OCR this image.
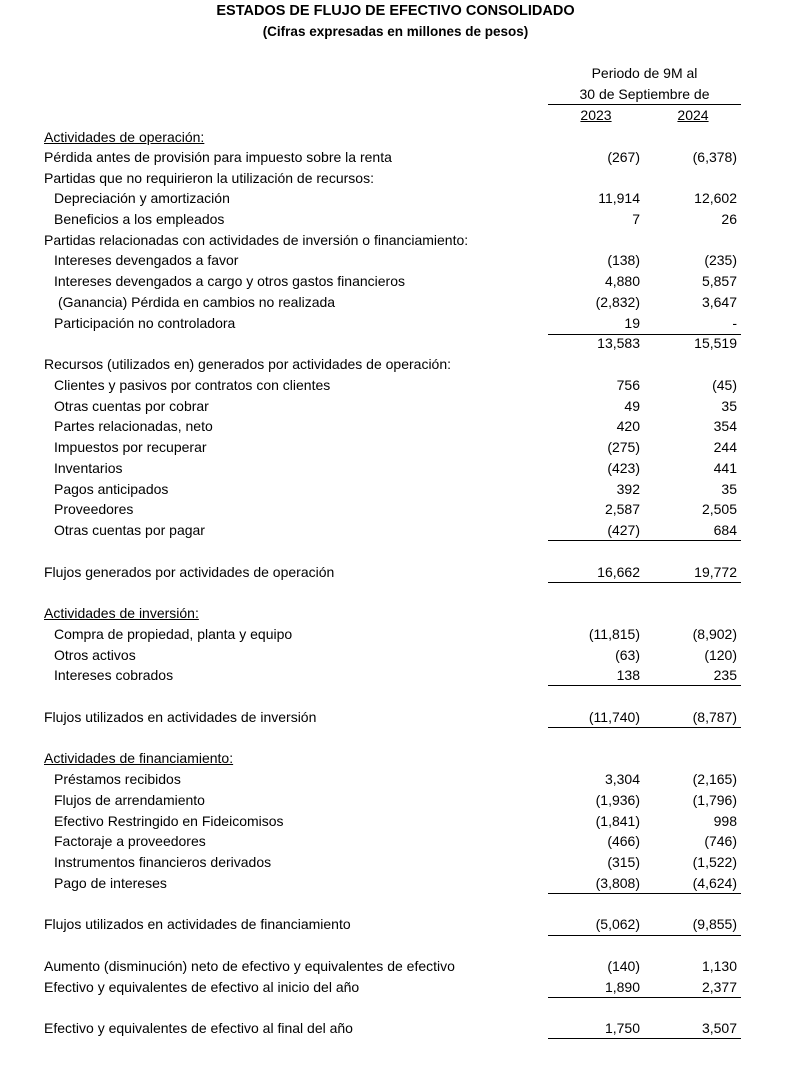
ESTADOS DE FLUJO DE EFECTIVO CONSOLIDADO
(Cifras expresadas en millones de pesos)
Periodo de 9M al
30 de Septiembre de
2023	2024
Actividades de operación:
Pérdida antes de provisión para impuesto sobre la renta	(267)	(6,378)
Partidas que no requirieron la utilización de recursos:
Depreciación y amortización	11,914	12,602
Beneficios a los empleados	7	26
Partidas relacionadas con actividades de inversión o financiamiento:
Intereses devengados a favor	(138)	(235)
Intereses devengados a cargo y otros gastos financieros	4,880	5,857
(Ganancia) Pérdida en cambios no realizada	(2,832)	3,647
Participación no controladora	19	-
13,583	15,519
Recursos (utilizados en) generados por actividades de operación:
Clientes y pasivos por contratos con clientes	756	(45)
Otras cuentas por cobrar	49	35
Partes relacionadas, neto	420	354
Impuestos por recuperar	(275)	244
Inventarios	(423)	441
Pagos anticipados	392	35
Proveedores	2,587	2,505
Otras cuentas por pagar	(427)	684
Flujos generados por actividades de operación	16,662	19,772
Actividades de inversión:
Compra de propiedad, planta y equipo	(11,815)	(8,902)
Otros activos	(63)	(120)
Intereses cobrados	138	235
Flujos utilizados en actividades de inversión	(11,740)	(8,787)
Actividades de financiamiento:
Préstamos recibidos	3,304	(2,165)
Flujos de arrendamiento	(1,936)	(1,796)
Efectivo Restringido en Fideicomisos	(1,841)	998
Factoraje a proveedores	(466)	(746)
Instrumentos financieros derivados	(315)	(1,522)
Pago de intereses	(3,808)	(4,624)
Flujos utilizados en actividades de financiamiento	(5,062)	(9,855)
Aumento (disminución) neto de efectivo y equivalentes de efectivo	(140)	1,130
Efectivo y equivalentes de efectivo al inicio del año	1,890	2,377
Efectivo y equivalentes de efectivo al final del año	1,750	3,507
